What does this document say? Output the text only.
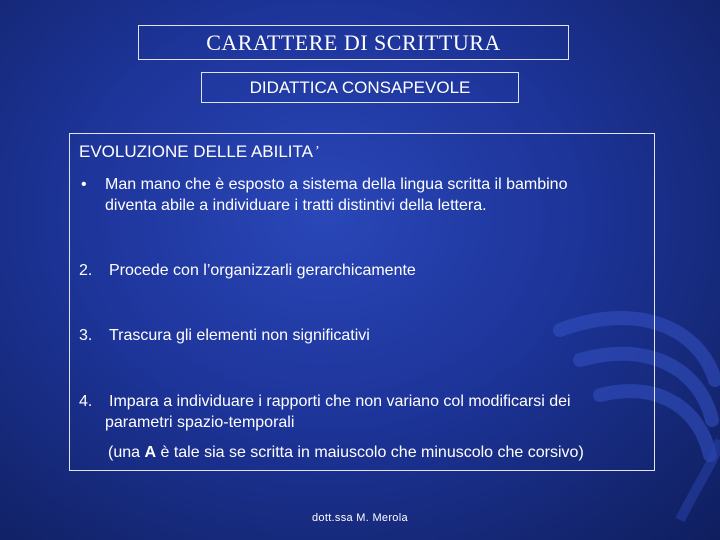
CARATTERE DI SCRITTURA
DIDATTICA CONSAPEVOLE
EVOLUZIONE DELLE ABILITA ’
• Man mano che è esposto a sistema della lingua scritta il bambino
diventa abile a individuare i tratti distintivi della lettera.
2. Procede con l’organizzarli gerarchicamente
3. Trascura gli elementi non significativi
4. Impara a individuare i rapporti che non variano col modificarsi dei
parametri spazio-temporali
(una A è tale sia se scritta in maiuscolo che minuscolo che corsivo)
dott.ssa M. Merola
